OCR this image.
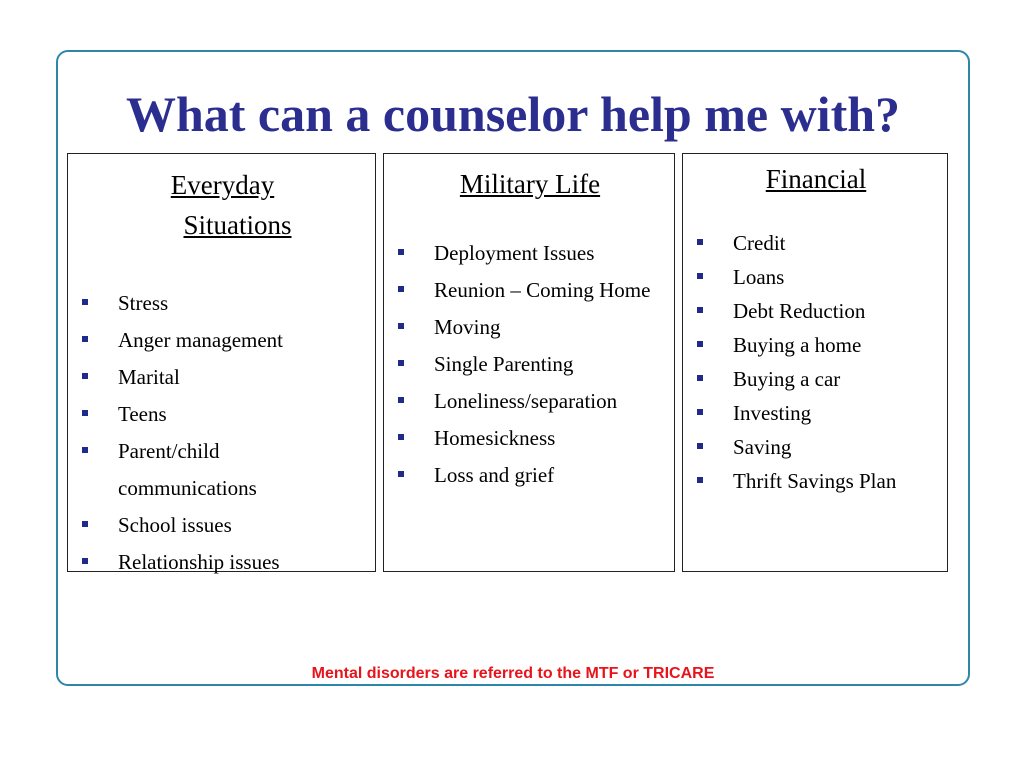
What can a counselor help me with?
Everyday
Situations
Stress
Anger management
Marital
Teens
Parent/child
communications
School issues
Relationship issues
Military Life
Deployment Issues
Reunion – Coming Home
Moving
Single Parenting
Loneliness/separation
Homesickness
Loss and grief
Financial
Credit
Loans
Debt Reduction
Buying a home
Buying a car
Investing
Saving
Thrift Savings Plan
Mental disorders are referred to the MTF or TRICARE
